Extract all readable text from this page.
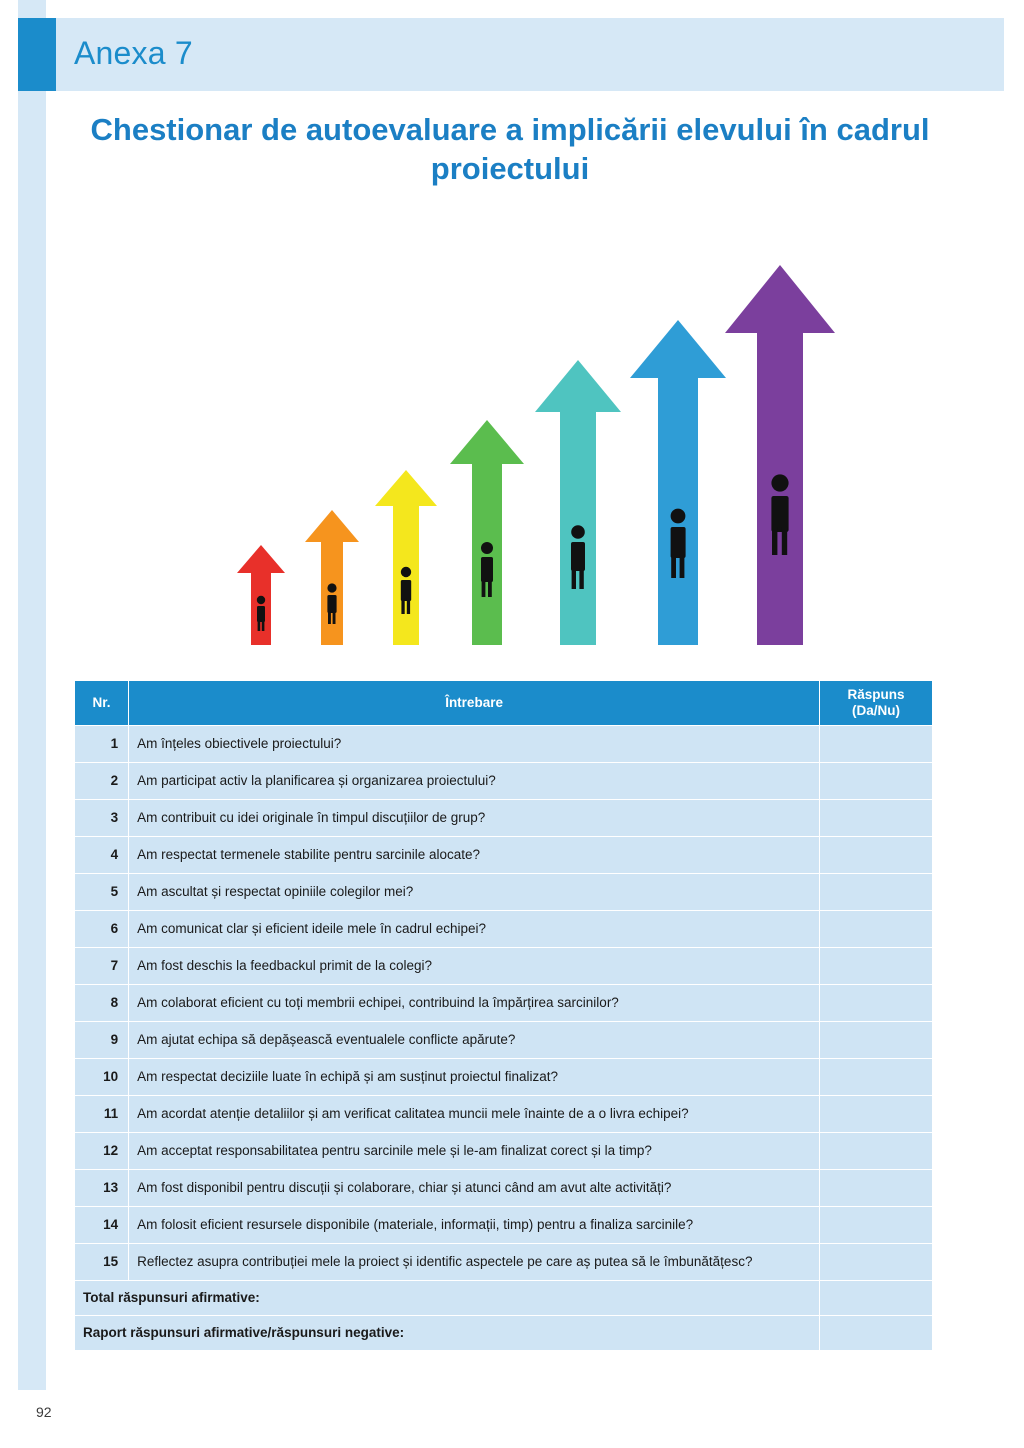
Anexa 7
Chestionar de autoevaluare a implicării elevului în cadrul proiectului
Nr.	Întrebare	Răspuns
(Da/Nu)

1	Am înțeles obiectivele proiectului?	
2	Am participat activ la planificarea și organizarea proiectului?	
3	Am contribuit cu idei originale în timpul discuțiilor de grup?	
4	Am respectat termenele stabilite pentru sarcinile alocate?	
5	Am ascultat și respectat opiniile colegilor mei?	
6	Am comunicat clar și eficient ideile mele în cadrul echipei?	
7	Am fost deschis la feedbackul primit de la colegi?	
8	Am colaborat eficient cu toți membrii echipei, contribuind la împărțirea sarcinilor?	
9	Am ajutat echipa să depășească eventualele conflicte apărute?	
10	Am respectat deciziile luate în echipă și am susținut proiectul finalizat?	
11	Am acordat atenție detaliilor și am verificat calitatea muncii mele înainte de a o livra echipei?	
12	Am acceptat responsabilitatea pentru sarcinile mele și le-am finalizat corect și la timp?	
13	Am fost disponibil pentru discuții și colaborare, chiar și atunci când am avut alte activități?	
14	Am folosit eficient resursele disponibile (materiale, informații, timp) pentru a finaliza sarcinile?	
15	Reflectez asupra contribuției mele la proiect și identific aspectele pe care aș putea să le îmbunătățesc?	
Total răspunsuri afirmative:		
Raport răspunsuri afirmative/răspunsuri negative:		
92
